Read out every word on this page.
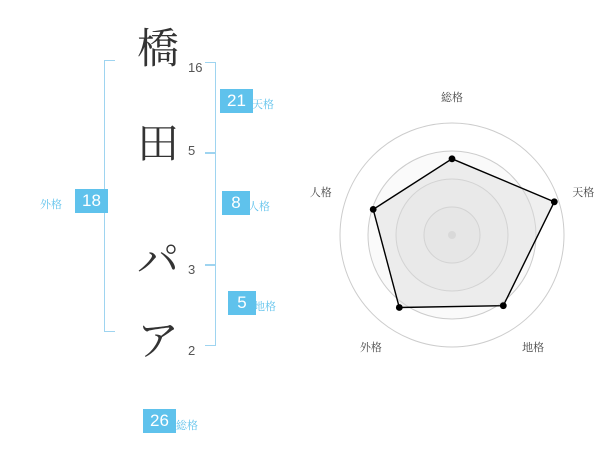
橋 16
田 5
パ 3
ア 2
21 天格
8 人格
5 地格
18
外格
26 総格
総格
天格
地格
外格
人格
